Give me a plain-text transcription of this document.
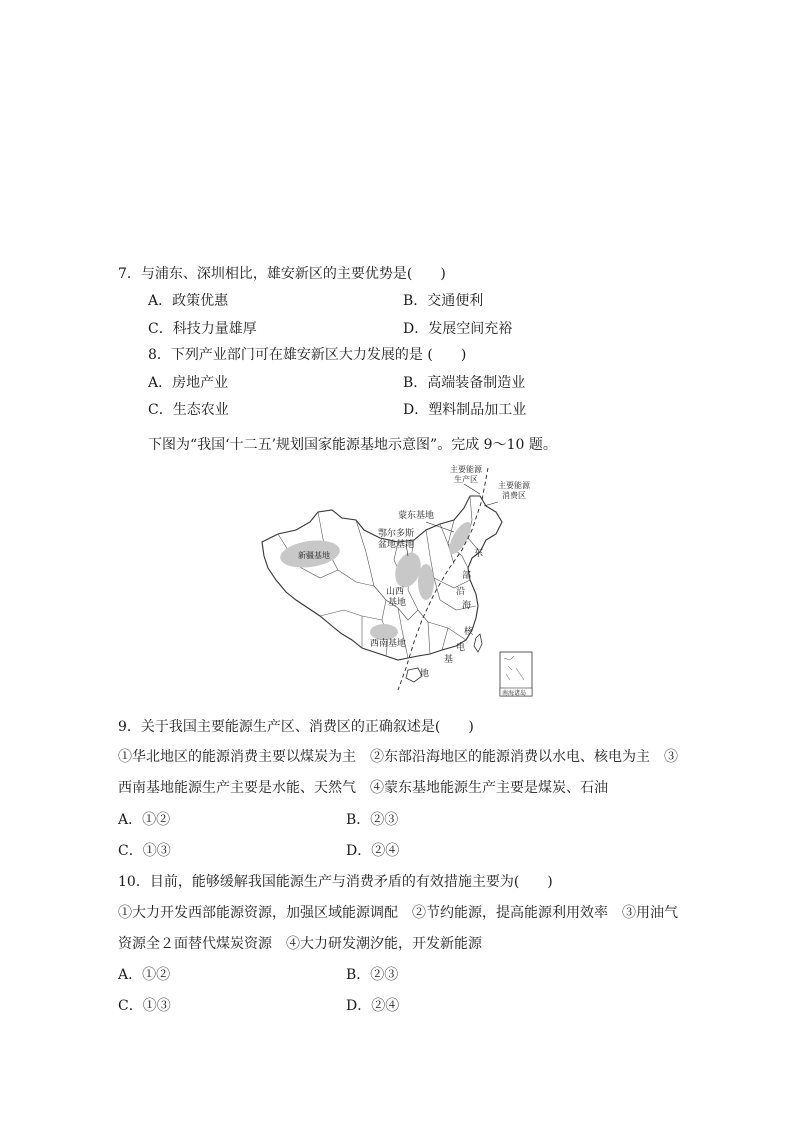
7．与浦东、深圳相比，雄安新区的主要优势是(　　)
A．政策优惠	B．交通便利
C．科技力量雄厚	D．发展空间充裕
8．下列产业部门可在雄安新区大力发展的是 (　　)
A．房地产业	B．高端装备制造业
C．生态农业	D．塑料制品加工业
下图为“我国‘十二五’规划国家能源基地示意图”。完成 9～10 题。
主要能源
生产区
主要能源
消费区
蒙东基地
鄂尔多斯
盆地基地
新疆基地
山西
基地
西南基地
东
部
沿
海
核
电
基
地
南海诸岛
9．关于我国主要能源生产区、消费区的正确叙述是(　　)
①华北地区的能源消费主要以煤炭为主　②东部沿海地区的能源消费以水电、核电为主　③
西南基地能源生产主要是水能、天然气　④蒙东基地能源生产主要是煤炭、石油
A．①②	B．②③
C．①③	D．②④
10．目前，能够缓解我国能源生产与消费矛盾的有效措施主要为(　　)
①大力开发西部能源资源，加强区域能源调配　②节约能源，提高能源利用效率　③用油气
资源全２面替代煤炭资源　④大力研发潮汐能，开发新能源
A．①②	B．②③
C．①③	D．②④
